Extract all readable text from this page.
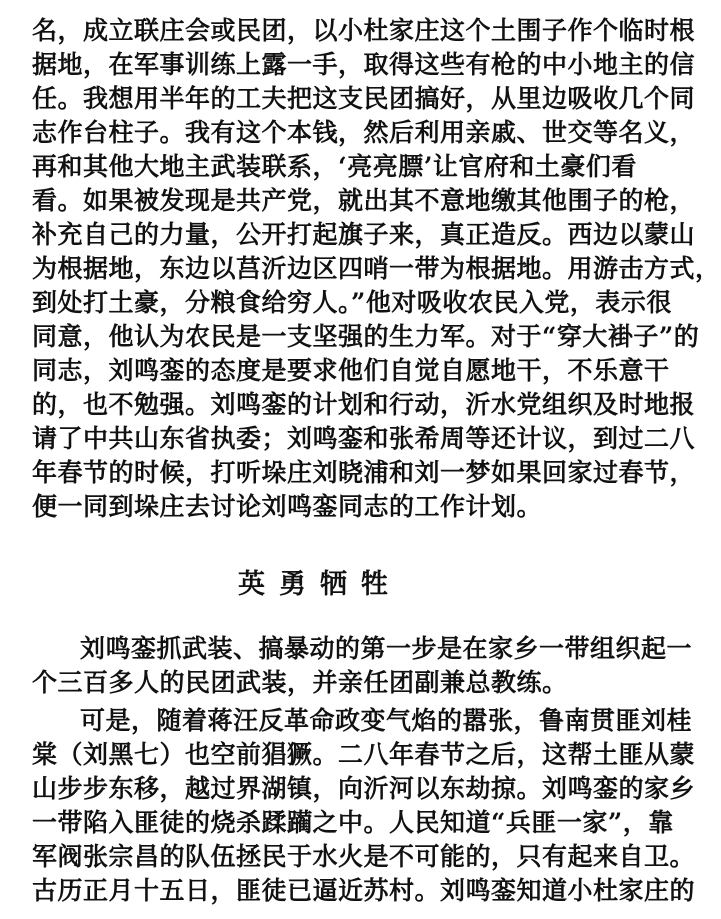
名，成立联庄会或民团，以小杜家庄这个土围子作个临时根
据地，在军事训练上露一手，取得这些有枪的中小地主的信
任。我想用半年的工夫把这支民团搞好，从里边吸收几个同
志作台柱子。我有这个本钱，然后利用亲戚、世交等名义，
再和其他大地主武装联系，‘亮亮膘’让官府和土豪们看
看。如果被发现是共产党，就出其不意地缴其他围子的枪，
补充自己的力量，公开打起旗子来，真正造反。西边以蒙山
为根据地，东边以莒沂边区四哨一带为根据地。用游击方式，
到处打土豪，分粮食给穷人。”他对吸收农民入党，表示很
同意，他认为农民是一支坚强的生力军。对于“穿大褂子”的
同志，刘鸣銮的态度是要求他们自觉自愿地干，不乐意干
的，也不勉强。刘鸣銮的计划和行动，沂水党组织及时地报
请了中共山东省执委；刘鸣銮和张希周等还计议，到过二八
年春节的时候，打听垛庄刘晓浦和刘一梦如果回家过春节，
便一同到垛庄去讨论刘鸣銮同志的工作计划。
英勇牺牲
刘鸣銮抓武装、搞暴动的第一步是在家乡一带组织起一
个三百多人的民团武装，并亲任团副兼总教练。
可是，随着蒋汪反革命政变气焰的嚣张，鲁南贯匪刘桂
棠（刘黑七）也空前猖獗。二八年春节之后，这帮土匪从蒙
山步步东移，越过界湖镇，向沂河以东劫掠。刘鸣銮的家乡
一带陷入匪徒的烧杀蹂躏之中。人民知道“兵匪一家”，靠
军阀张宗昌的队伍拯民于水火是不可能的，只有起来自卫。
古历正月十五日，匪徒已逼近苏村。刘鸣銮知道小杜家庄的
